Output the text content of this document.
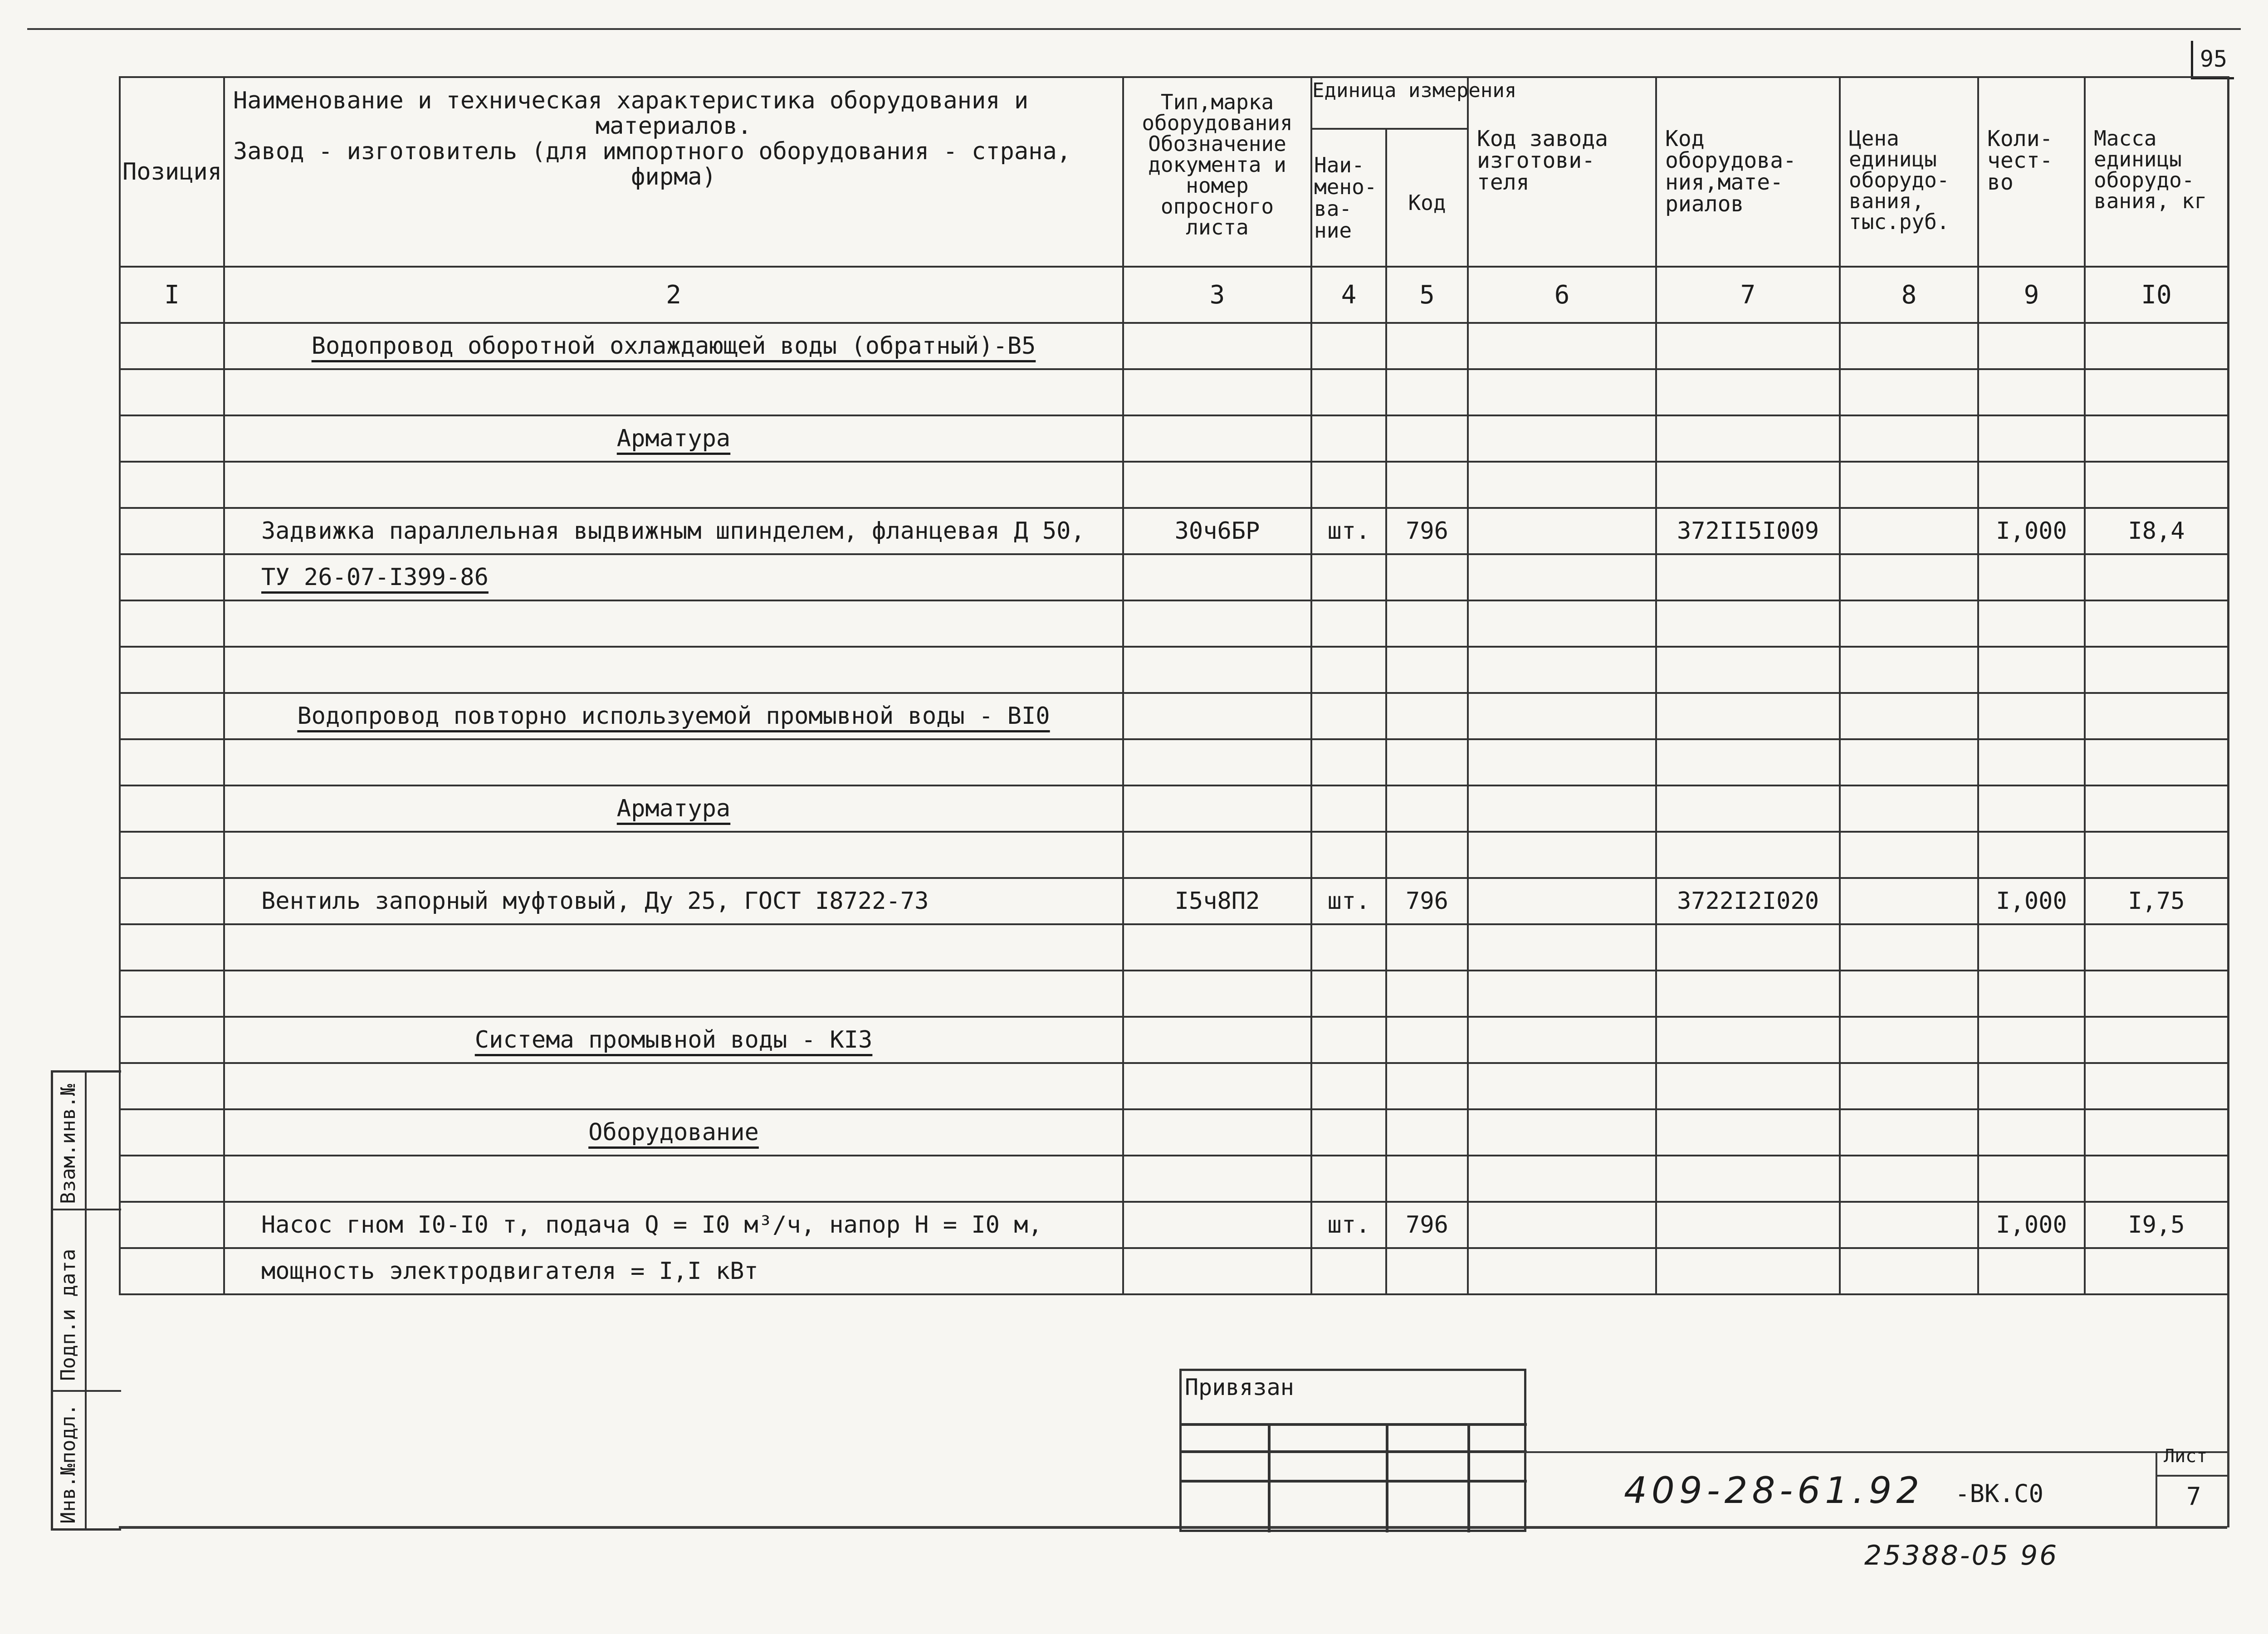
95
Позиция	Наименование и техническая характеристика оборудования и
материалов.
Завод - изготовитель (для импортного оборудования - страна,
фирма)	Тип,марка оборудования Обозначение документа и номер опросного листа	Единица измерения		Код завода изготови-теля	Код оборудова-ния,мате-риалов	Цена единицы оборудо-вания, тыс.руб.	Коли-чест-во	Масса единицы оборудо-вания, кг
			Наи-мено-ва-ние	Код					
I	2	3	4	5	6	7	8	9	I0
	Водопровод оборотной охлаждающей воды (обратный)-В5								

	Арматура								

	Задвижка параллельная выдвижным шпинделем, фланцевая Д 50,	30ч6БР	шт.	796		372II5I009		I,000	I8,4
	ТУ 26-07-I399-86								

	Водопровод повторно используемой промывной воды - BI0								

	Арматура								

	Вентиль запорный муфтовый, Ду 25, ГОСТ I8722-73	I5ч8П2	шт.	796		3722I2I020		I,000	I,75

	Система промывной воды - КI3								

	Оборудование								

	Насос гном I0-I0 т, подача Q = I0 м³/ч, напор H = I0 м,		шт.	796				I,000	I9,5
	мощность электродвигателя = I,I кВт								
Взам.инв.№
Подп.и дата
Инв.№подл.
Привязан
409-28-61.92 -ВК.С0
Лист
7
25388-05 96
